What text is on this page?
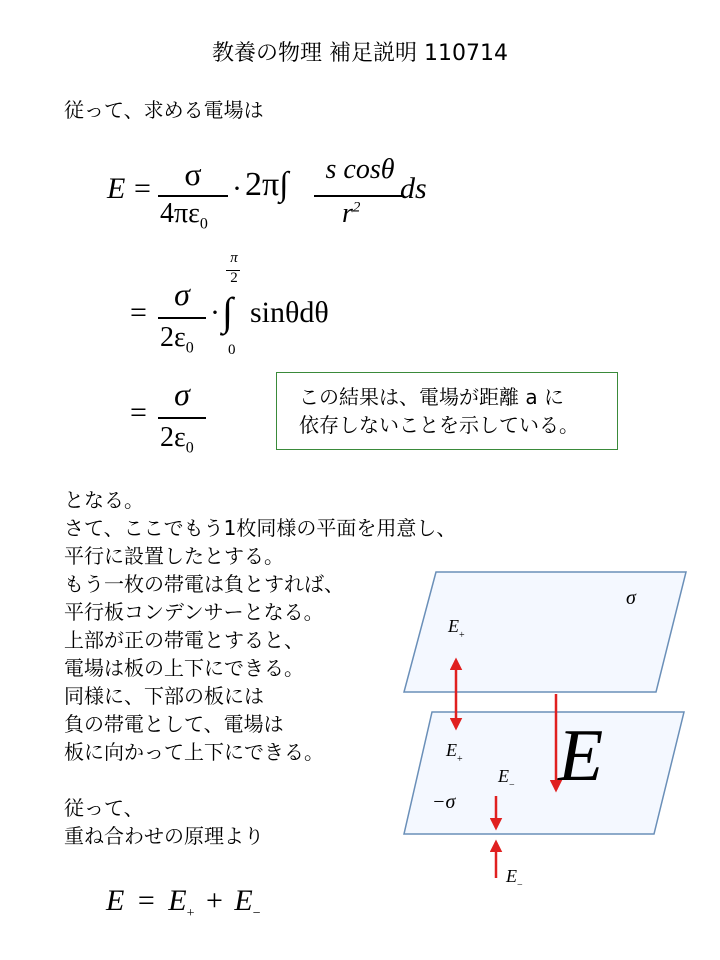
教養の物理 補足説明 110714
従って、求める電場は
E =	σ
$4\pi\varepsilon_0$
· 2π∫	s cosθ
$r^2$
ds
=
σ
$2\varepsilon_0$
·
π
2
∫
0
sinθdθ
=
σ
$2\varepsilon_0$
この結果は、電場が距離 a に
依存しないことを示している。
となる。
さて、ここでもう1枚同様の平面を用意し、
平行に設置したとする。
もう一枚の帯電は負とすれば、
平行板コンデンサーとなる。
上部が正の帯電とすると、
電場は板の上下にできる。
同様に、下部の板には
負の帯電として、電場は
板に向かって上下にできる。
従って、
重ね合わせの原理より
$E = E_+ + E_-$
σ
$E_+$
$E_+$
$E_-$
−σ
$E_-$
E
